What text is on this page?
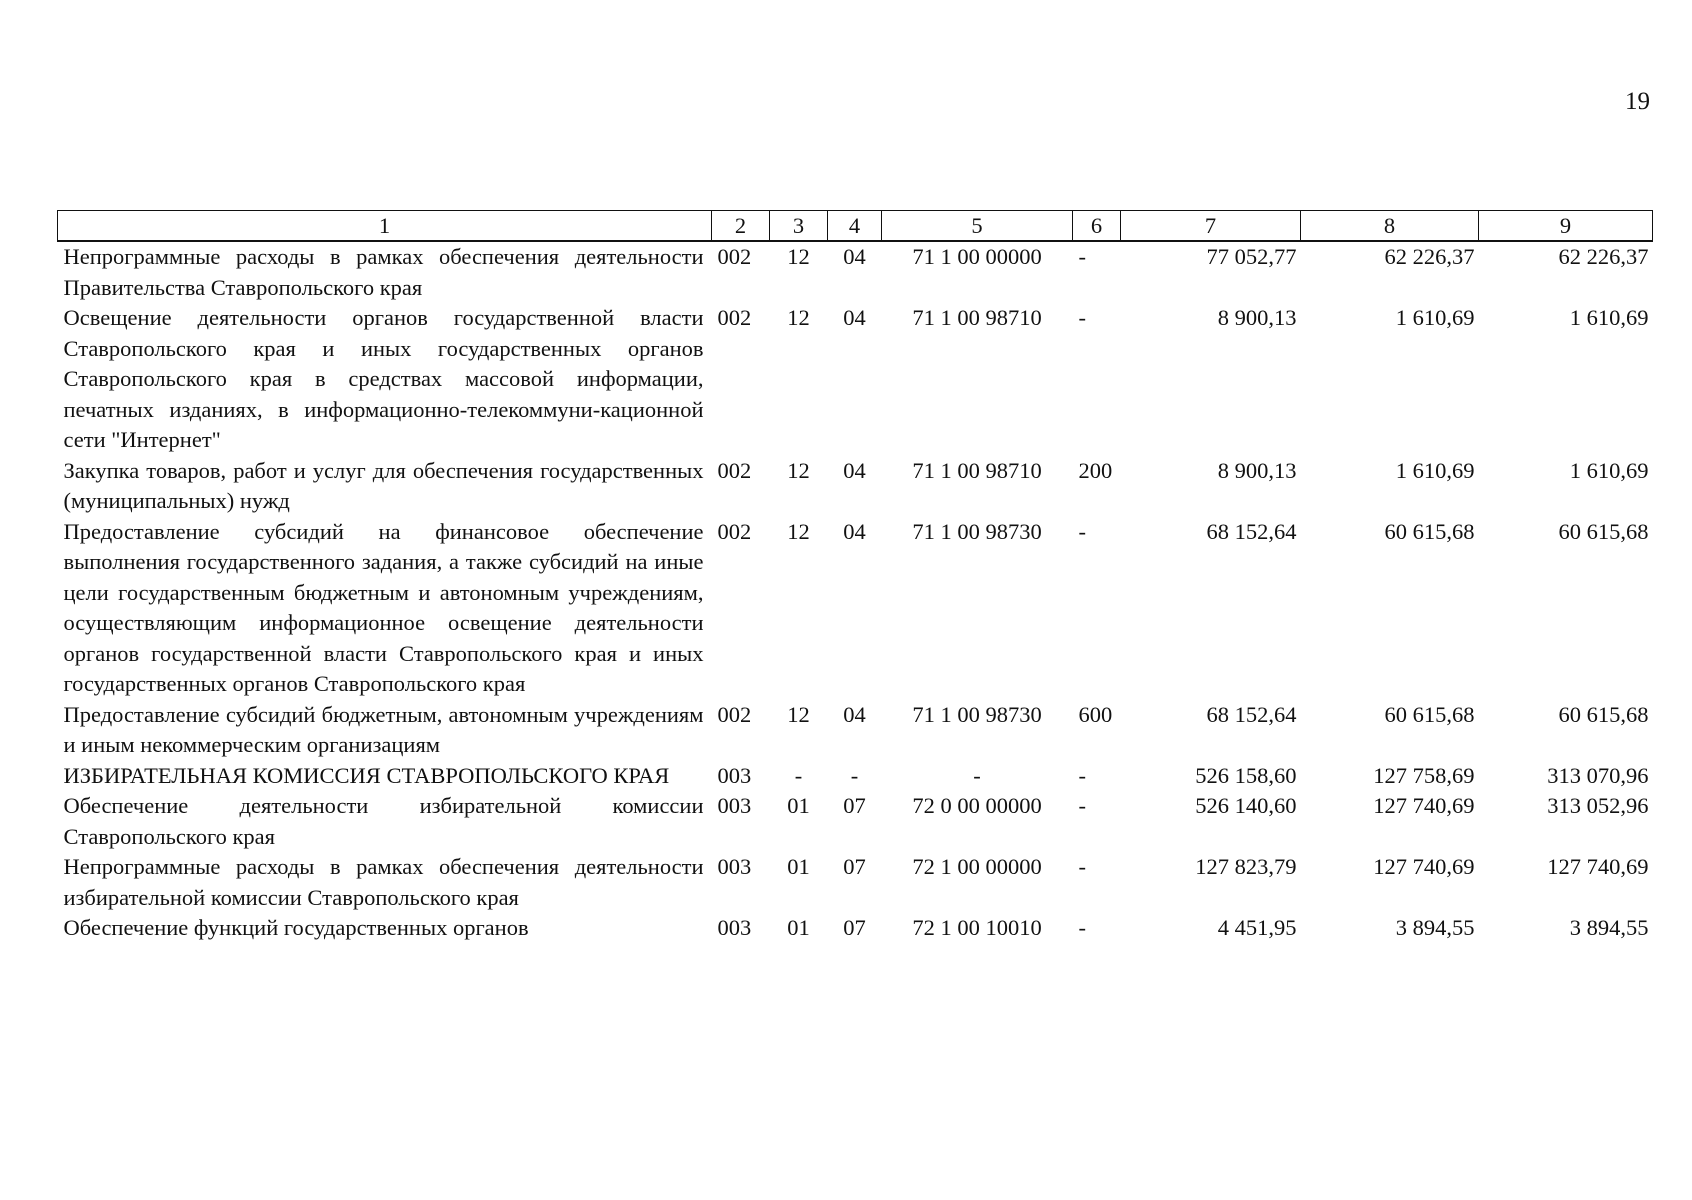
19
1	2	3	4	5	6	7	8	9
Непрограммные расходы в рамках обеспечения деятельности Правительства Ставропольского края	002	12	04	71 1 00 00000	-	77 052,77	62 226,37	62 226,37
Освещение деятельности органов государственной власти Ставропольского края и иных государственных органов Ставропольского края в средствах массовой информации, печатных изданиях, в информационно-телекоммуни-кационной сети "Интернет"	002	12	04	71 1 00 98710	-	8 900,13	1 610,69	1 610,69
Закупка товаров, работ и услуг для обеспечения государственных (муниципальных) нужд	002	12	04	71 1 00 98710	200	8 900,13	1 610,69	1 610,69
Предоставление субсидий на финансовое обеспечение выполнения государственного задания, а также субсидий на иные цели государственным бюджетным и автономным учреждениям, осуществляющим информационное освещение деятельности органов государственной власти Ставропольского края и иных государственных органов Ставропольского края	002	12	04	71 1 00 98730	-	68 152,64	60 615,68	60 615,68
Предоставление субсидий бюджетным, автономным учреждениям и иным некоммерческим организациям	002	12	04	71 1 00 98730	600	68 152,64	60 615,68	60 615,68
ИЗБИРАТЕЛЬНАЯ КОМИССИЯ СТАВРОПОЛЬСКОГО КРАЯ	003	-	-	-	-	526 158,60	127 758,69	313 070,96
Обеспечение деятельности избирательной комиссии Ставропольского края	003	01	07	72 0 00 00000	-	526 140,60	127 740,69	313 052,96
Непрограммные расходы в рамках обеспечения деятельности избирательной комиссии Ставропольского края	003	01	07	72 1 00 00000	-	127 823,79	127 740,69	127 740,69
Обеспечение функций государственных органов	003	01	07	72 1 00 10010	-	4 451,95	3 894,55	3 894,55
